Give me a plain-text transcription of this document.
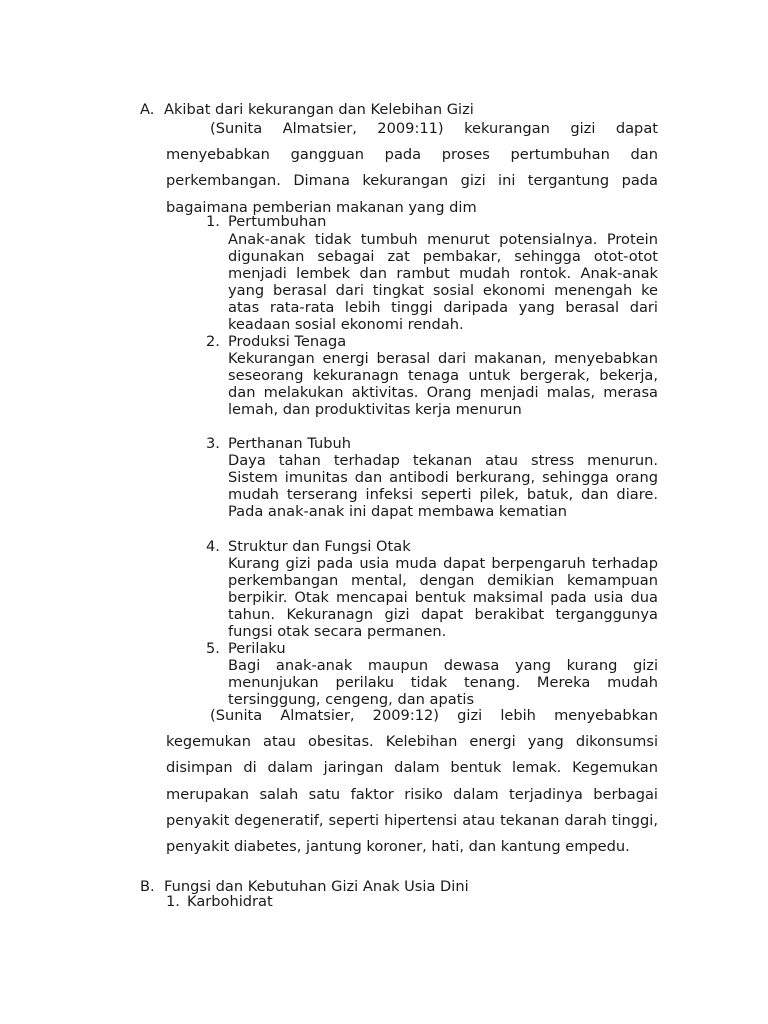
A. Akibat dari kekurangan dan Kelebihan Gizi

(Sunita Almatsier, 2009:11) kekurangan gizi dapat menyebabkan gangguan pada proses pertumbuhan dan perkembangan. Dimana kekurangan gizi ini tergantung pada bagaimana pemberian makanan yang dim

1. Pertumbuhan

Anak-anak tidak tumbuh menurut potensialnya. Protein digunakan sebagai zat pembakar, sehingga otot-otot menjadi lembek dan rambut mudah rontok. Anak-anak yang berasal dari tingkat sosial ekonomi menengah ke atas rata-rata lebih tinggi daripada yang berasal dari keadaan sosial ekonomi rendah.

2. Produksi Tenaga

Kekurangan energi berasal dari makanan, menyebabkan seseorang kekuranagn tenaga untuk bergerak, bekerja, dan melakukan aktivitas. Orang menjadi malas, merasa lemah, dan produktivitas kerja menurun

3. Perthanan Tubuh

Daya tahan terhadap tekanan atau stress menurun. Sistem imunitas dan antibodi berkurang, sehingga orang mudah terserang infeksi seperti pilek, batuk, dan diare. Pada anak-anak ini dapat membawa kematian

4. Struktur dan Fungsi Otak

Kurang gizi pada usia muda dapat berpengaruh terhadap perkembangan mental, dengan demikian kemampuan berpikir. Otak mencapai bentuk maksimal pada usia dua tahun. Kekuranagn gizi dapat berakibat terganggunya fungsi otak secara permanen.

5. Perilaku

Bagi anak-anak maupun dewasa yang kurang gizi menunjukan perilaku tidak tenang. Mereka mudah tersinggung, cengeng, dan apatis

(Sunita Almatsier, 2009:12) gizi lebih menyebabkan kegemukan atau obesitas. Kelebihan energi yang dikonsumsi disimpan di dalam jaringan dalam bentuk lemak. Kegemukan merupakan salah satu faktor risiko dalam terjadinya berbagai penyakit degeneratif, seperti hipertensi atau tekanan darah tinggi, penyakit diabetes, jantung koroner, hati, dan kantung empedu.

B. Fungsi dan Kebutuhan Gizi Anak Usia Dini
1. Karbohidrat
